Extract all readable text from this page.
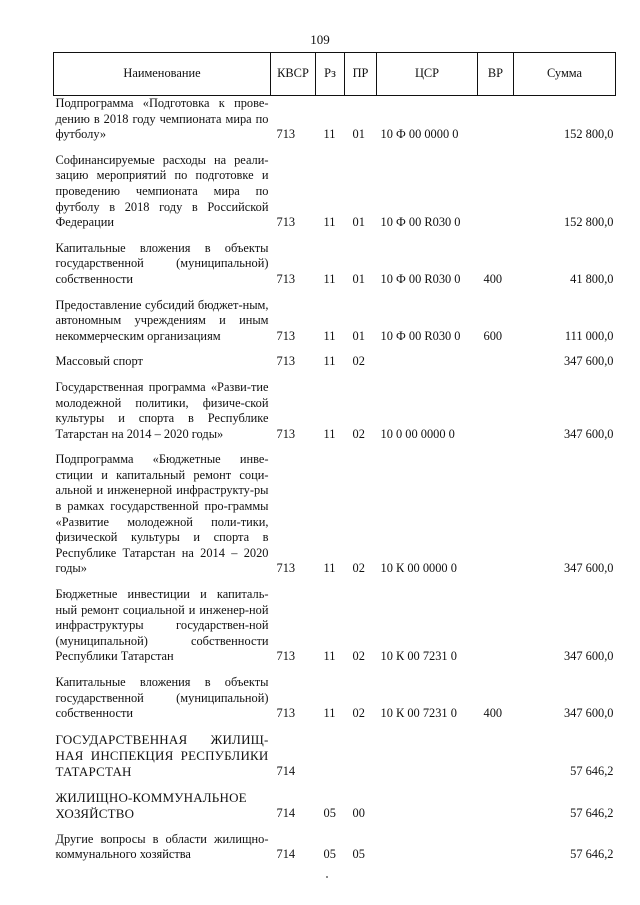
109
Наименование	КВСР	Рз	ПР	ЦСР	ВР	Сумма
Подпрограмма «Подготовка к прове-дению в 2018 году чемпионата мира по футболу»	713	11	01	10 Ф 00 0000 0		152 800,0
Софинансируемые расходы на реали-зацию мероприятий по подготовке и проведению чемпионата мира по футболу в 2018 году в Российской Федерации	713	11	01	10 Ф 00 R030 0		152 800,0
Капитальные вложения в объекты государственной (муниципальной) собственности	713	11	01	10 Ф 00 R030 0	400	41 800,0
Предоставление субсидий бюджет-ным, автономным учреждениям и иным некоммерческим организациям	713	11	01	10 Ф 00 R030 0	600	111 000,0
Массовый спорт	713	11	02			347 600,0
Государственная программа «Разви-тие молодежной политики, физиче-ской культуры и спорта в Республике Татарстан на 2014 – 2020 годы»	713	11	02	10 0 00 0000 0		347 600,0
Подпрограмма «Бюджетные инве-стиции и капитальный ремонт соци-альной и инженерной инфраструкту-ры в рамках государственной про-граммы «Развитие молодежной поли-тики, физической культуры и спорта в Республике Татарстан на 2014 – 2020 годы»	713	11	02	10 К 00 0000 0		347 600,0
Бюджетные инвестиции и капиталь-ный ремонт социальной и инженер-ной инфраструктуры государствен-ной (муниципальной) собственности Республики Татарстан	713	11	02	10 К 00 7231 0		347 600,0
Капитальные вложения в объекты государственной (муниципальной) собственности	713	11	02	10 К 00 7231 0	400	347 600,0
ГОСУДАРСТВЕННАЯ ЖИЛИЩ-НАЯ ИНСПЕКЦИЯ РЕСПУБЛИКИ ТАТАРСТАН	714					57 646,2
ЖИЛИЩНО-КОММУНАЛЬНОЕ ХОЗЯЙСТВО	714	05	00			57 646,2
Другие вопросы в области жилищно-коммунального хозяйства	714	05	05			57 646,2
